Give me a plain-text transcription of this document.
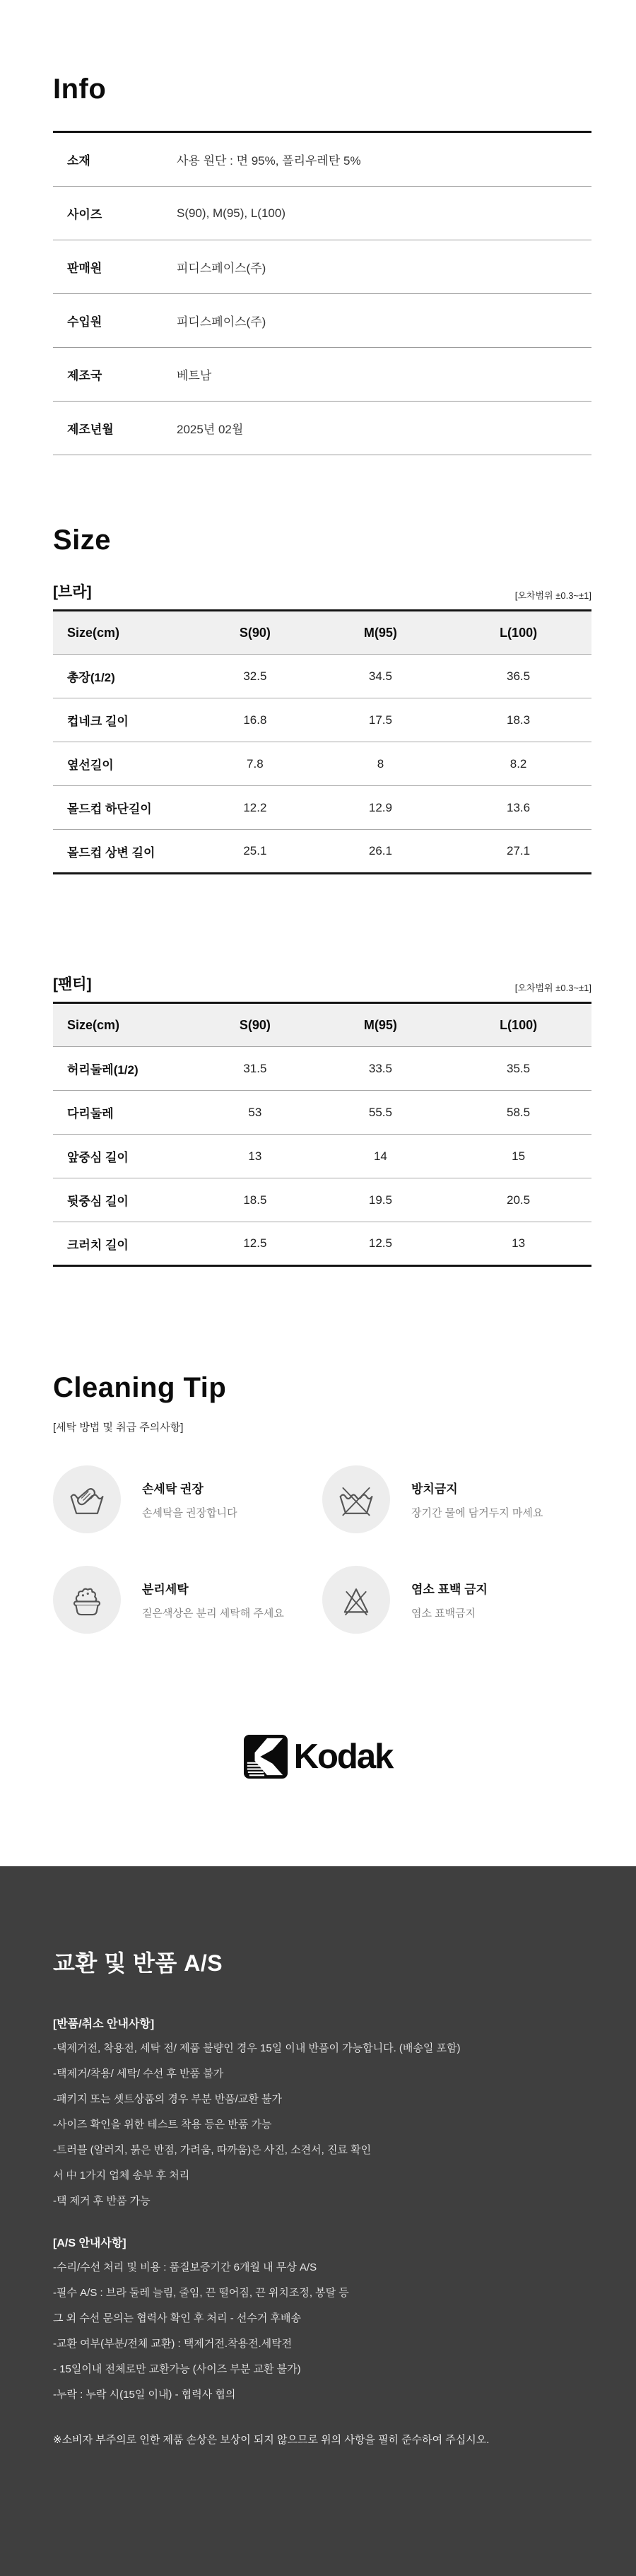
Info
소재	사용 원단 : 면 95%, 폴리우레탄 5%
사이즈	S(90), M(95), L(100)
판매원	피디스페이스(주)
수입원	피디스페이스(주)
제조국	베트남
제조년월	2025년 02월
Size
[브라]	[오차범위 ±0.3~±1]
Size(cm)	S(90)	M(95)	L(100)
총장(1/2)	32.5	34.5	36.5
컵네크 길이	16.8	17.5	18.3
옆선길이	7.8	8	8.2
몰드컵 하단길이	12.2	12.9	13.6
몰드컵 상변 길이	25.1	26.1	27.1
[팬티]	[오차범위 ±0.3~±1]
Size(cm)	S(90)	M(95)	L(100)
허리둘레(1/2)	31.5	33.5	35.5
다리둘레	53	55.5	58.5
앞중심 길이	13	14	15
뒷중심 길이	18.5	19.5	20.5
크러치 길이	12.5	12.5	13
Cleaning Tip
[세탁 방법 및 취급 주의사항]
손세탁 권장
손세탁을 권장합니다
방치금지
장기간 물에 담거두지 마세요
분리세탁
짙은색상은 분리 세탁해 주세요
염소 표백 금지
염소 표백금지
Kodak
교환 및 반품 A/S
[반품/취소 안내사항]

-택제거전, 착용전, 세탁 전/ 제품 불량인 경우 15일 이내 반품이 가능합니다. (배송일 포함)

-택제거/착용/ 세탁/ 수선 후 반품 불가

-패키지 또는 셋트상품의 경우 부분 반품/교환 불가

-사이즈 확인을 위한 테스트 착용 등은 반품 가능

-트러블 (알러지, 붉은 반점, 가려움, 따까움)은 사진, 소견서, 진료 확인

서 中 1가지 업체 송부 후 처리

-택 제거 후 반품 가능

[A/S 안내사항]

-수리/수선 처리 및 비용 : 품질보증기간 6개월 내 무상 A/S

-필수 A/S : 브라 둘레 늘림, 줄임, 끈 떨어짐, 끈 위치조정, 봉탈 등

그 외 수선 문의는 협력사 확인 후 처리 - 선수거 후배송

-교환 여부(부분/전체 교환) : 택제거전.착용전.세탁전

- 15일이내 전체로만 교환가능 (사이즈 부분 교환 불가)

-누락 : 누락 시(15일 이내) - 협력사 협의

※소비자 부주의로 인한 제품 손상은 보상이 되지 않으므로 위의 사항을 필히 준수하여 주십시오.
